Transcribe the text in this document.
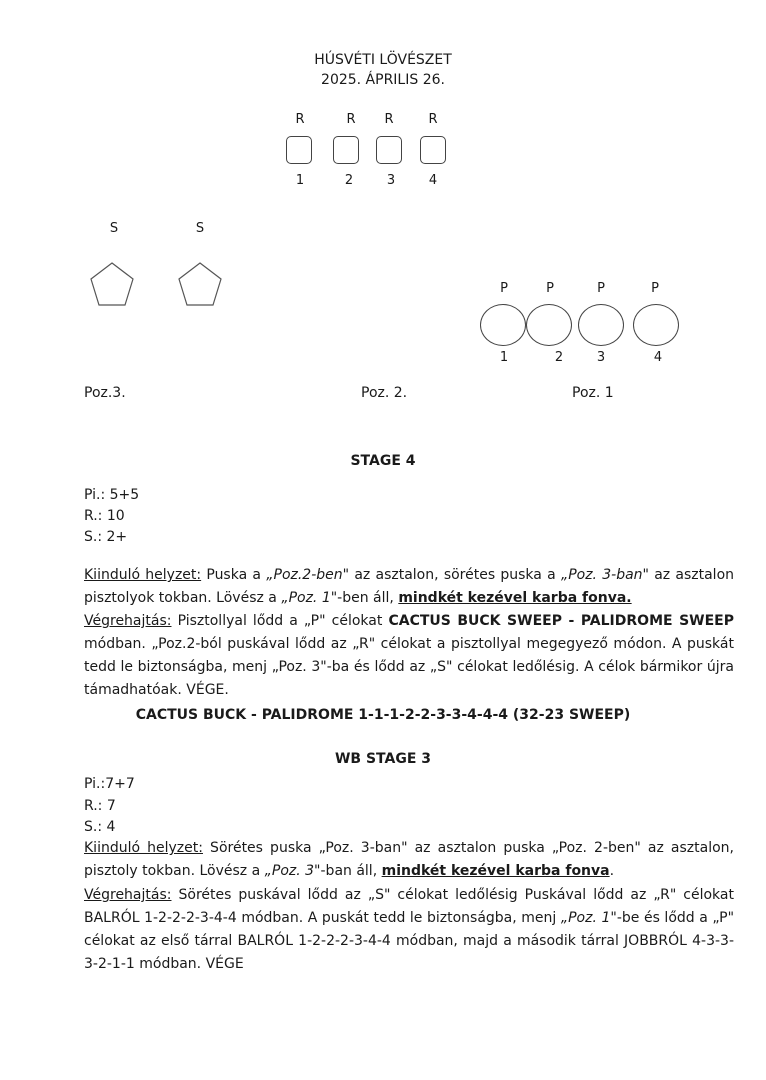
HÚSVÉTI LÖVÉSZET
2025. ÁPRILIS 26.
R	R	R	R
1	2	3	4
S	S
P	P	P	P
1	2	3	4
Poz.3.	Poz. 2.	Poz. 1
STAGE 4
Pi.: 5+5
R.: 10
S.: 2+
Kiinduló helyzet: Puska a „Poz.2-ben" az asztalon, sörétes puska a „Poz. 3-ban" az asztalon pisztolyok tokban. Lövész a „Poz. 1"-ben áll, mindkét kezével karba fonva.
Végrehajtás: Pisztollyal lődd a „P" célokat CACTUS BUCK SWEEP - PALIDROME SWEEP módban. „Poz.2-ból puskával lődd az „R" célokat a pisztollyal megegyező módon. A puskát tedd le biztonságba, menj „Poz. 3"-ba és lődd az „S" célokat ledőlésig. A célok bármikor újra támadhatóak. VÉGE.
CACTUS BUCK - PALIDROME 1-1-1-2-2-3-3-4-4-4 (32-23 SWEEP)
WB STAGE 3
Pi.:7+7
R.: 7
S.: 4
Kiinduló helyzet: Sörétes puska „Poz. 3-ban" az asztalon puska „Poz. 2-ben" az asztalon, pisztoly tokban. Lövész a „Poz. 3"-ban áll, mindkét kezével karba fonva.
Végrehajtás: Sörétes puskával lődd az „S" célokat ledőlésig Puskával lődd az „R" célokat BALRÓL 1-2-2-2-3-4-4 módban. A puskát tedd le biztonságba, menj „Poz. 1"-be és lődd a „P" célokat az első tárral BALRÓL 1-2-2-2-3-4-4 módban, majd a második tárral JOBBRÓL 4-3-3-3-2-1-1 módban. VÉGE
